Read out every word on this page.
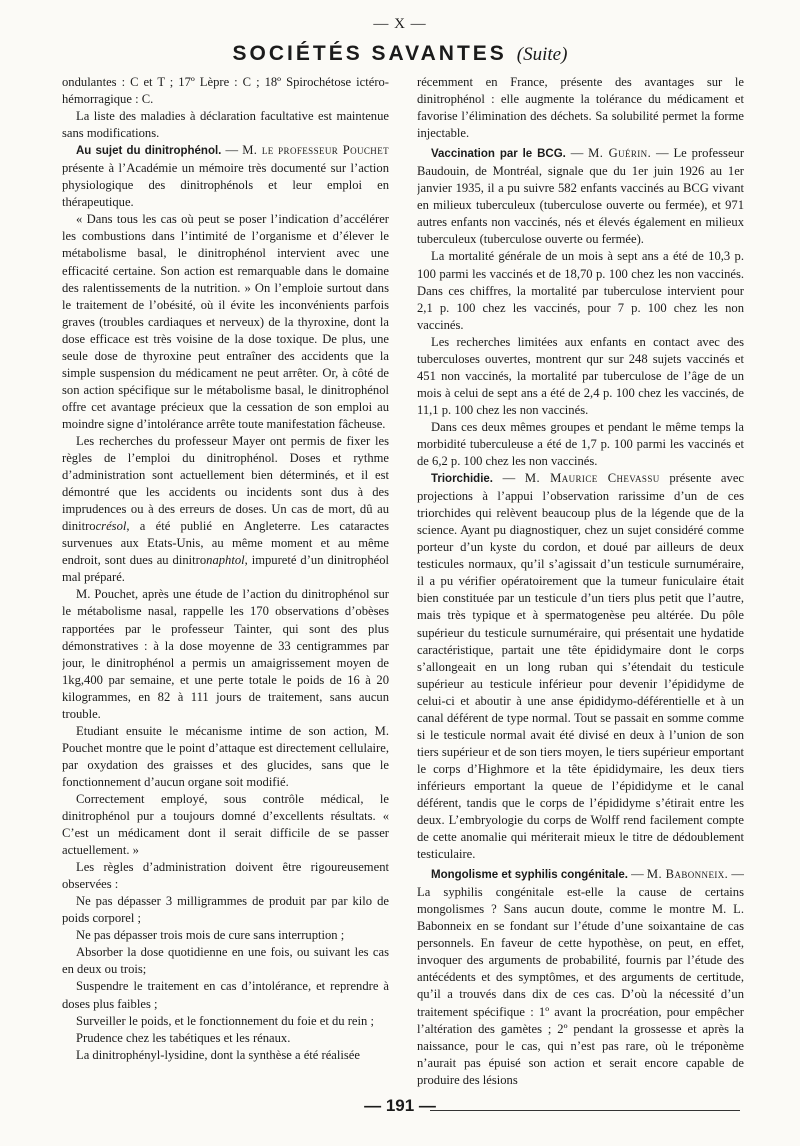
— X —
SOCIÉTÉS SAVANTES (Suite)

ondulantes : C et T ; 17º Lèpre : C ; 18º Spirochétose ictéro-hémorragique : C.

La liste des maladies à déclaration facultative est maintenue sans modifications.

Au sujet du dinitrophénol. — M. le professeur Pouchet présente à l’Académie un mémoire très documenté sur l’action physiologique des dinitrophénols et leur emploi en thérapeutique.

« Dans tous les cas où peut se poser l’indication d’accélérer les combustions dans l’intimité de l’organisme et d’élever le métabolisme basal, le dinitrophénol intervient avec une efficacité certaine. Son action est remarquable dans le domaine des ralentissements de la nutrition. » On l’emploie surtout dans le traitement de l’obésité, où il évite les inconvénients parfois graves (troubles cardiaques et nerveux) de la thyroxine, dont la dose efficace est très voisine de la dose toxique. De plus, une seule dose de thyroxine peut entraîner des accidents que la simple suspension du médicament ne peut arrêter. Or, à côté de son action spécifique sur le métabolisme basal, le dinitrophénol offre cet avantage précieux que la cessation de son emploi au moindre signe d’intolérance arrête toute manifestation fâcheuse.

Les recherches du professeur Mayer ont permis de fixer les règles de l’emploi du dinitrophénol. Doses et rythme d’administration sont actuellement bien déterminés, et il est démontré que les accidents ou incidents sont dus à des imprudences ou à des erreurs de doses. Un cas de mort, dû au dinitrocrésol, a été publié en Angleterre. Les cataractes survenues aux Etats-Unis, au même moment et au même endroit, sont dues au dinitronaphtol, impureté d’un dinitrophéol mal préparé.

M. Pouchet, après une étude de l’action du dinitrophénol sur le métabolisme nasal, rappelle les 170 observations d’obèses rapportées par le professeur Tainter, qui sont des plus démonstratives : à la dose moyenne de 33 centigrammes par jour, le dinitrophénol a permis un amaigrissement moyen de 1kg,400 par semaine, et une perte totale le poids de 16 à 20 kilogrammes, en 82 à 111 jours de traitement, sans aucun trouble.

Etudiant ensuite le mécanisme intime de son action, M. Pouchet montre que le point d’attaque est directement cellulaire, par oxydation des graisses et des glucides, sans que le fonctionnement d’aucun organe soit modifié.

Correctement employé, sous contrôle médical, le dinitrophénol pur a toujours domné d’excellents résultats. « C’est un médicament dont il serait difficile de se passer actuellement. »

Les règles d’administration doivent être rigoureusement observées :

Ne pas dépasser 3 milligrammes de produit par par kilo de poids corporel ;

Ne pas dépasser trois mois de cure sans interruption ;

Absorber la dose quotidienne en une fois, ou suivant les cas en deux ou trois;

Suspendre le traitement en cas d’intolérance, et reprendre à doses plus faibles ;

Surveiller le poids, et le fonctionnement du foie et du rein ;

Prudence chez les tabétiques et les rénaux.

La dinitrophényl-lysidine, dont la synthèse a été réalisée

récemment en France, présente des avantages sur le dinitrophénol : elle augmente la tolérance du médicament et favorise l’élimination des déchets. Sa solubilité permet la forme injectable.

Vaccination par le BCG. — M. Guérin. — Le professeur Baudouin, de Montréal, signale que du 1er juin 1926 au 1er janvier 1935, il a pu suivre 582 enfants vaccinés au BCG vivant en milieux tuberculeux (tuberculose ouverte ou fermée), et 971 autres enfants non vaccinés, nés et élevés également en milieux tuberculeux (tuberculose ouverte ou fermée).

La mortalité générale de un mois à sept ans a été de 10,3 p. 100 parmi les vaccinés et de 18,70 p. 100 chez les non vaccinés. Dans ces chiffres, la mortalité par tuberculose intervient pour 2,1 p. 100 chez les vaccinés, pour 7 p. 100 chez les non vaccinés.

Les recherches limitées aux enfants en contact avec des tuberculoses ouvertes, montrent qur sur 248 sujets vaccinés et 451 non vaccinés, la mortalité par tuberculose de l’âge de un mois à celui de sept ans a été de 2,4 p. 100 chez les vaccinés, de 11,1 p. 100 chez les non vaccinés.

Dans ces deux mêmes groupes et pendant le même temps la morbidité tuberculeuse a été de 1,7 p. 100 parmi les vaccinés et de 6,2 p. 100 chez les non vaccinés.

Triorchidie. — M. Maurice Chevassu présente avec projections à l’appui l’observation rarissime d’un de ces triorchides qui relèvent beaucoup plus de la légende que de la science. Ayant pu diagnostiquer, chez un sujet considéré comme porteur d’un kyste du cordon, et doué par ailleurs de deux testicules normaux, qu’il s’agissait d’un testicule surnuméraire, il a pu vérifier opératoirement que la tumeur funiculaire était bien constituée par un testicule d’un tiers plus petit que l’autre, mais très typique et à spermatogenèse peu altérée. Du pôle supérieur du testicule surnuméraire, qui présentait une hydatide caractéristique, partait une tête épididymaire dont le corps s’allongeait en un long ruban qui s’étendait du testicule supérieur au testicule inférieur pour devenir l’épididyme de celui-ci et aboutir à une anse épididymo-déférentielle et à un canal déférent de type normal. Tout se passait en somme comme si le testicule normal avait été divisé en deux à l’union de son tiers supérieur et de son tiers moyen, le tiers supérieur emportant le corps d’Highmore et la tête épididymaire, les deux tiers inférieurs emportant la queue de l’épididyme et le canal déférent, tandis que le corps de l’épididyme s’étirait entre les deux. L’embryologie du corps de Wolff rend facilement compte de cette anomalie qui mériterait mieux le titre de dédoublement testiculaire.

Mongolisme et syphilis congénitale. — M. Babonneix. — La syphilis congénitale est-elle la cause de certains mongolismes ? Sans aucun doute, comme le montre M. L. Babonneix en se fondant sur l’étude d’une soixantaine de cas personnels. En faveur de cette hypothèse, on peut, en effet, invoquer des arguments de probabilité, fournis par l’étude des antécédents et des symptômes, et des arguments de certitude, qu’il a trouvés dans dix de ces cas. D’où la nécessité d’un traitement spécifique : 1º avant la procréation, pour empêcher l’altération des gamètes ; 2º pendant la grossesse et après la naissance, pour le cas, qui n’est pas rare, où le tréponème n’aurait pas épuisé son action et serait encore capable de produire des lésions

— 191 —
